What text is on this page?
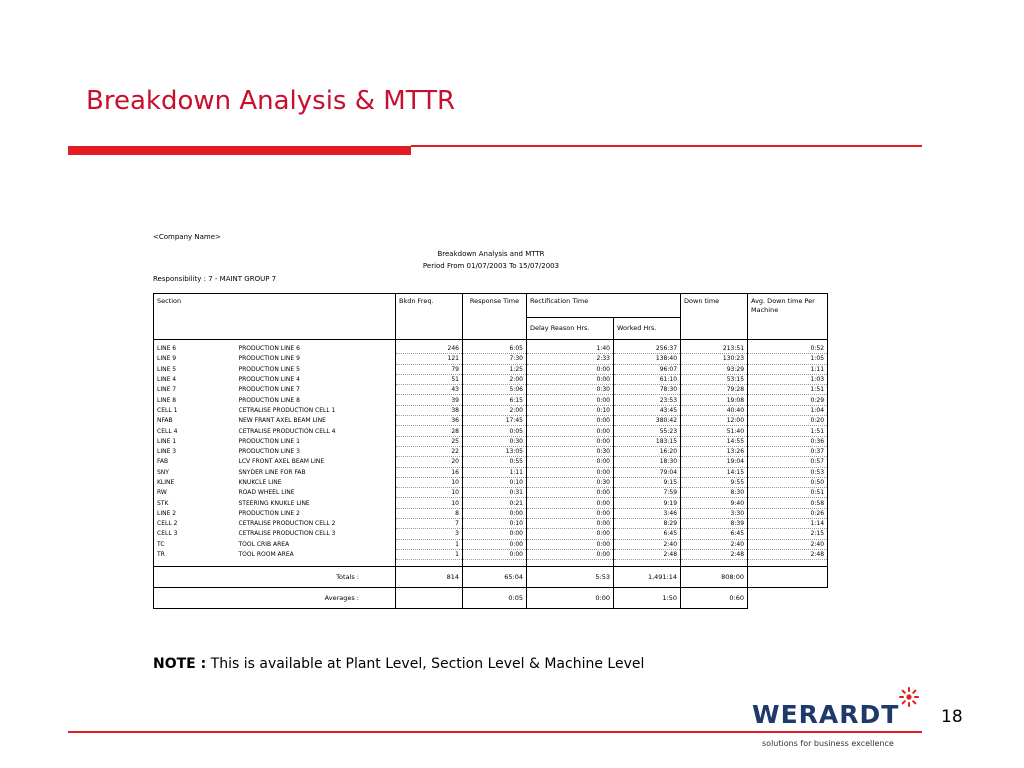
Breakdown Analysis & MTTR
<Company Name>
Breakdown Analysis and MTTR
Period From 01/07/2003 To 15/07/2003
Responsibility : 7 - MAINT GROUP 7
Section		Bkdn Freq.	Response Time	Rectification Time		Down time	Avg. Down time Per Machine
				Delay Reason Hrs.	Worked Hrs.		

LINE 6	PRODUCTION LINE 6	246	6:05	1:40	256:37	213:51	0:52
LINE 9	PRODUCTION LINE 9	121	7:30	2:33	138:40	130:23	1:05
LINE 5	PRODUCTION LINE 5	79	1:25	0:00	96:07	93:29	1:11
LINE 4	PRODUCTION LINE 4	51	2:00	0:00	61:10	53:15	1:03
LINE 7	PRODUCTION LINE 7	43	5:06	0:30	78:30	79:28	1:51
LINE 8	PRODUCTION LINE 8	39	6:15	0:00	23:53	19:08	0:29
CELL 1	CETRALISE PRODUCTION CELL 1	38	2:00	0:10	43:45	40:40	1:04
NFAB	NEW FRANT AXEL BEAM LINE	36	17:45	0:00	380:42	12:00	0:20
CELL 4	CETRALISE PRODUCTION CELL 4	28	0:05	0:00	55:23	51:40	1:51
LINE 1	PRODUCTION LINE 1	25	0:30	0:00	183:15	14:55	0:36
LINE 3	PRODUCTION LINE 3	22	13:05	0:30	16:20	13:26	0:37
FAB	LCV FRONT AXEL BEAM LINE	20	0:55	0:00	18:30	19:04	0:57
SNY	SNYDER LINE FOR FAB	16	1:11	0:00	79:04	14:15	0:53
KLINE	KNUKCLE LINE	10	0:10	0:30	9:15	9:55	0:50
RW	ROAD WHEEL LINE	10	0:31	0:00	7:59	8:30	0:51
STK	STEERING KNUKLE LINE	10	0:21	0:00	9:19	9:40	0:58
LINE 2	PRODUCTION LINE 2	8	0:00	0:00	3:46	3:30	0:26
CELL 2	CETRALISE PRODUCTION CELL 2	7	0:10	0:00	8:29	8:39	1:14
CELL 3	CETRALISE PRODUCTION CELL 3	3	0:00	0:00	6:45	6:45	2:15
TC	TOOL CRIB AREA	1	0:00	0:00	2:40	2:40	2:40
TR	TOOL ROOM AREA	1	0:00	0:00	2:48	2:48	2:48

Totals :		814	65:04	5:53	1,491:14	808:00	
Averages :			0:05	0:00	1:50	0:60	
NOTE : This is available at Plant Level, Section Level & Machine Level
WERARDT
solutions for business excellence
18
